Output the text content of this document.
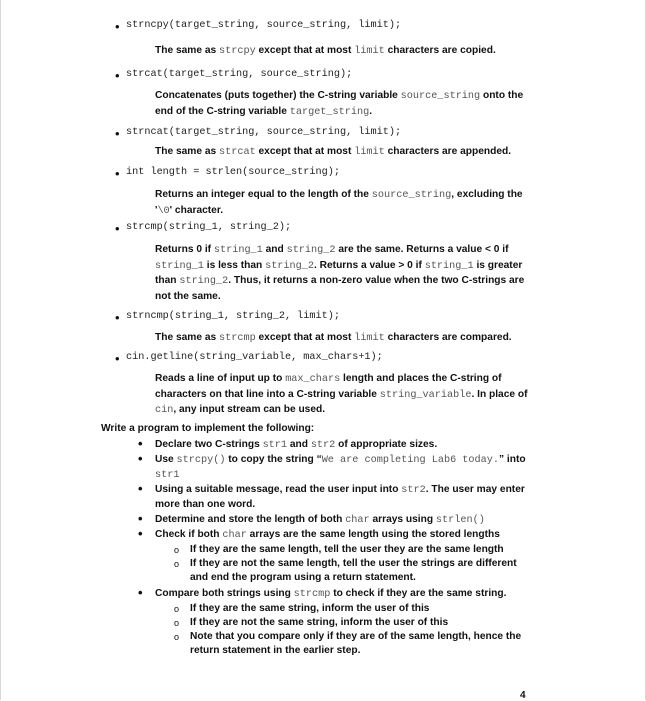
• strncpy(target_string, source_string, limit);
The same as strcpy except that at most limit characters are copied.
• strcat(target_string, source_string);
Concatenates (puts together) the C-string variable source_string onto the end of the C-string variable target_string.
• strncat(target_string, source_string, limit);
The same as strcat except that at most limit characters are appended.
• int length = strlen(source_string);
Returns an integer equal to the length of the source_string, excluding the '\0' character.
• strcmp(string_1, string_2);
Returns 0 if string_1 and string_2 are the same. Returns a value < 0 if string_1 is less than string_2. Returns a value > 0 if string_1 is greater than string_2. Thus, it returns a non-zero value when the two C-strings are not the same.
• strncmp(string_1, string_2, limit);
The same as strcmp except that at most limit characters are compared.
• cin.getline(string_variable, max_chars+1);
Reads a line of input up to max_chars length and places the C-string of characters on that line into a C-string variable string_variable. In place of cin, any input stream can be used.
Write a program to implement the following:
• Declare two C-strings str1 and str2 of appropriate sizes.
• Use strcpy() to copy the string “We are completing Lab6 today.” into str1
• Using a suitable message, read the user input into str2. The user may enter more than one word.
• Determine and store the length of both char arrays using strlen()
• Check if both char arrays are the same length using the stored lengths
o If they are the same length, tell the user they are the same length
o If they are not the same length, tell the user the strings are different and end the program using a return statement.
• Compare both strings using strcmp to check if they are the same string.
o If they are the same string, inform the user of this
o If they are not the same string, inform the user of this
o Note that you compare only if they are of the same length, hence the return statement in the earlier step.
4
